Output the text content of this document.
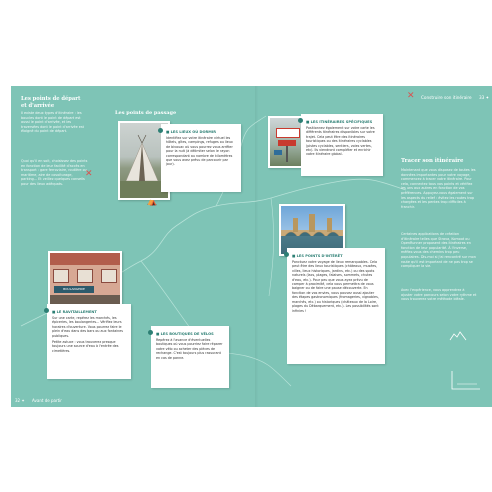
Les points de départ
et d'arrivée

Il existe deux types d'itinéraire : les boucles dont le point de départ est aussi le point d'arrivée, et les traversées dont le point d'arrivée est éloigné du point de départ.

Quoi qu'il en soit, choisissez des points en fonction de leur facilité d'accès en transport : gare ferroviaire, routière ou maritime, aire de covoiturage, parking... Et veillez quelques conseils pour des lieux adéquats.

✕
Les points de passage
■ LES LIEUX OÙ DORMIR
Identifiez sur votre itinéraire virtuel les hôtels, gîtes, campings, refuges ou lieux de bivouac où vous pourrez vous arrêter pour la nuit (à délimiter selon le rayon correspondant au nombre de kilomètres que vous avez prévu de parcourir par jour).
⛺
BOULANGERIE
■ LE RAVITAILLEMENT
Sur une carte, repérez les marchés, les épiceries, les boulangeries... Vérifiez leurs horaires d'ouverture. Vous pourrez faire le plein d'eau dans des bars ou aux fontaines publiques.
Petite astuce : vous trouverez presque toujours une source d'eau à l'entrée des cimetières.
■ LES BOUTIQUES DE VÉLOS
Repérez à l'avance d'éventuelles boutiques où vous pourriez faire réparer votre vélo ou acheter des pièces de rechange. C'est toujours plus rassurant en cas de panne.
32 ✦ Avant de partir
✕ Construire son itinéraire 33 ✦
■ LES ITINÉRAIRES SPÉCIFIQUES
Positionnez également sur votre carte les différents itinéraires disponibles sur votre trajet. Cela peut être des itinéraires touristiques ou des itinéraires cyclables (pistes cyclables, sentiers, voies vertes, etc). Ils viendront compléter et enrichir votre itinéraire global.
■ LES POINTS D'INTÉRÊT
Ponctuez votre voyage de lieux remarquables. Cela peut être des lieux touristiques (châteaux, musées, villes, lieux historiques, jardins, etc.) ou des spots naturels (lacs, plages, falaises, sommets, chutes d'eau, etc.). Pour peu que vous ayez prévu de camper à proximité, cela vous permettra de vous baigner ou de faire une pause découverte. En fonction de vos envies, vous pouvez aussi ajouter des étapes gastronomiques (fromageries, vignobles, marchés, etc.) ou historiques (châteaux de la Loire, plages du Débarquement, etc.). Les possibilités sont infinies !
Tracer son itinéraire

Maintenant que vous disposez de toutes les données importantes pour votre voyage, commencez à tracer votre itinéraire. Pour cela, connectez tous vos points et vérifiez les uns aux autres en fonction de vos préférences. Appuyez-vous également sur les aspects du relief : évitez les routes trop chargées et les pentes trop difficiles à franchir.

Certaines applications de création d'itinéraire telles que Strava, Komoot ou OpenRunner proposent des itinéraires en fonction de leur popularité. À l'inverse, méfiez-vous des chemins trop peu populaires. Dis-moi si j'ai rencontré sur mon route qu'il est important de ne pas trop se compliquer la vie.

Avec l'expérience, vous apprendrez à ajuster votre parcours selon votre rythme et vous trouverez votre méthode idéale.
